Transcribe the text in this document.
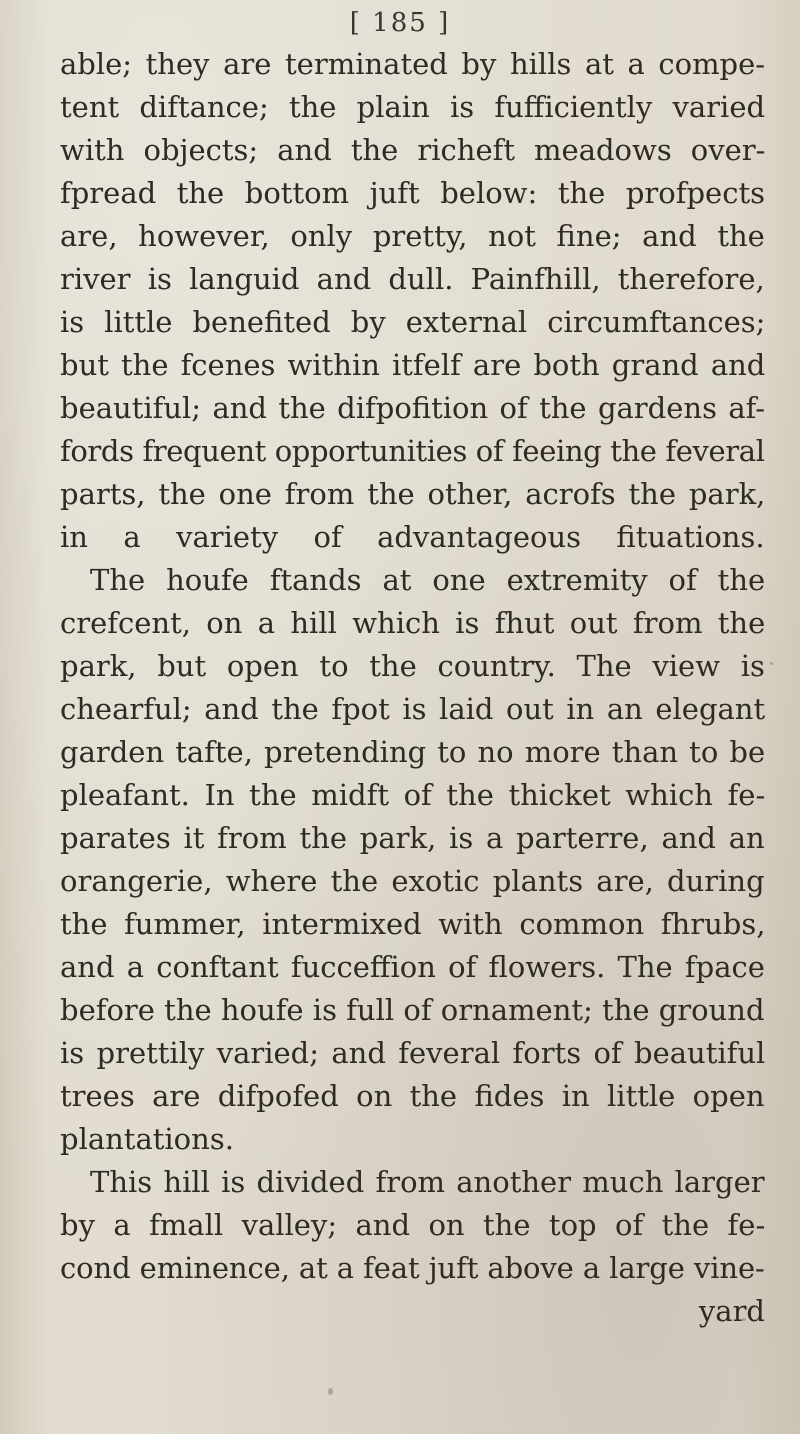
[ 185 ]
able; they are terminated by hills at a compe-
tent diftance; the plain is fufficiently varied
with objects; and the richeft meadows over-
fpread the bottom juft below: the profpects
are, however, only pretty, not fine; and the
river is languid and dull. Painfhill, therefore,
is little benefited by external circumftances;
but the fcenes within itfelf are both grand and
beautiful; and the difpofition of the gardens af-
fords frequent opportunities of feeing the feveral
parts, the one from the other, acrofs the park,
in a variety of advantageous fituations.
The houfe ftands at one extremity of the
crefcent, on a hill which is fhut out from the
park, but open to the country. The view is
chearful; and the fpot is laid out in an elegant
garden tafte, pretending to no more than to be
pleafant. In the midft of the thicket which fe-
parates it from the park, is a parterre, and an
orangerie, where the exotic plants are, during
the fummer, intermixed with common fhrubs,
and a conftant fucceffion of flowers. The fpace
before the houfe is full of ornament; the ground
is prettily varied; and feveral forts of beautiful
trees are difpofed on the fides in little open
plantations.
This hill is divided from another much larger
by a fmall valley; and on the top of the fe-
cond eminence, at a feat juft above a large vine-
yard
